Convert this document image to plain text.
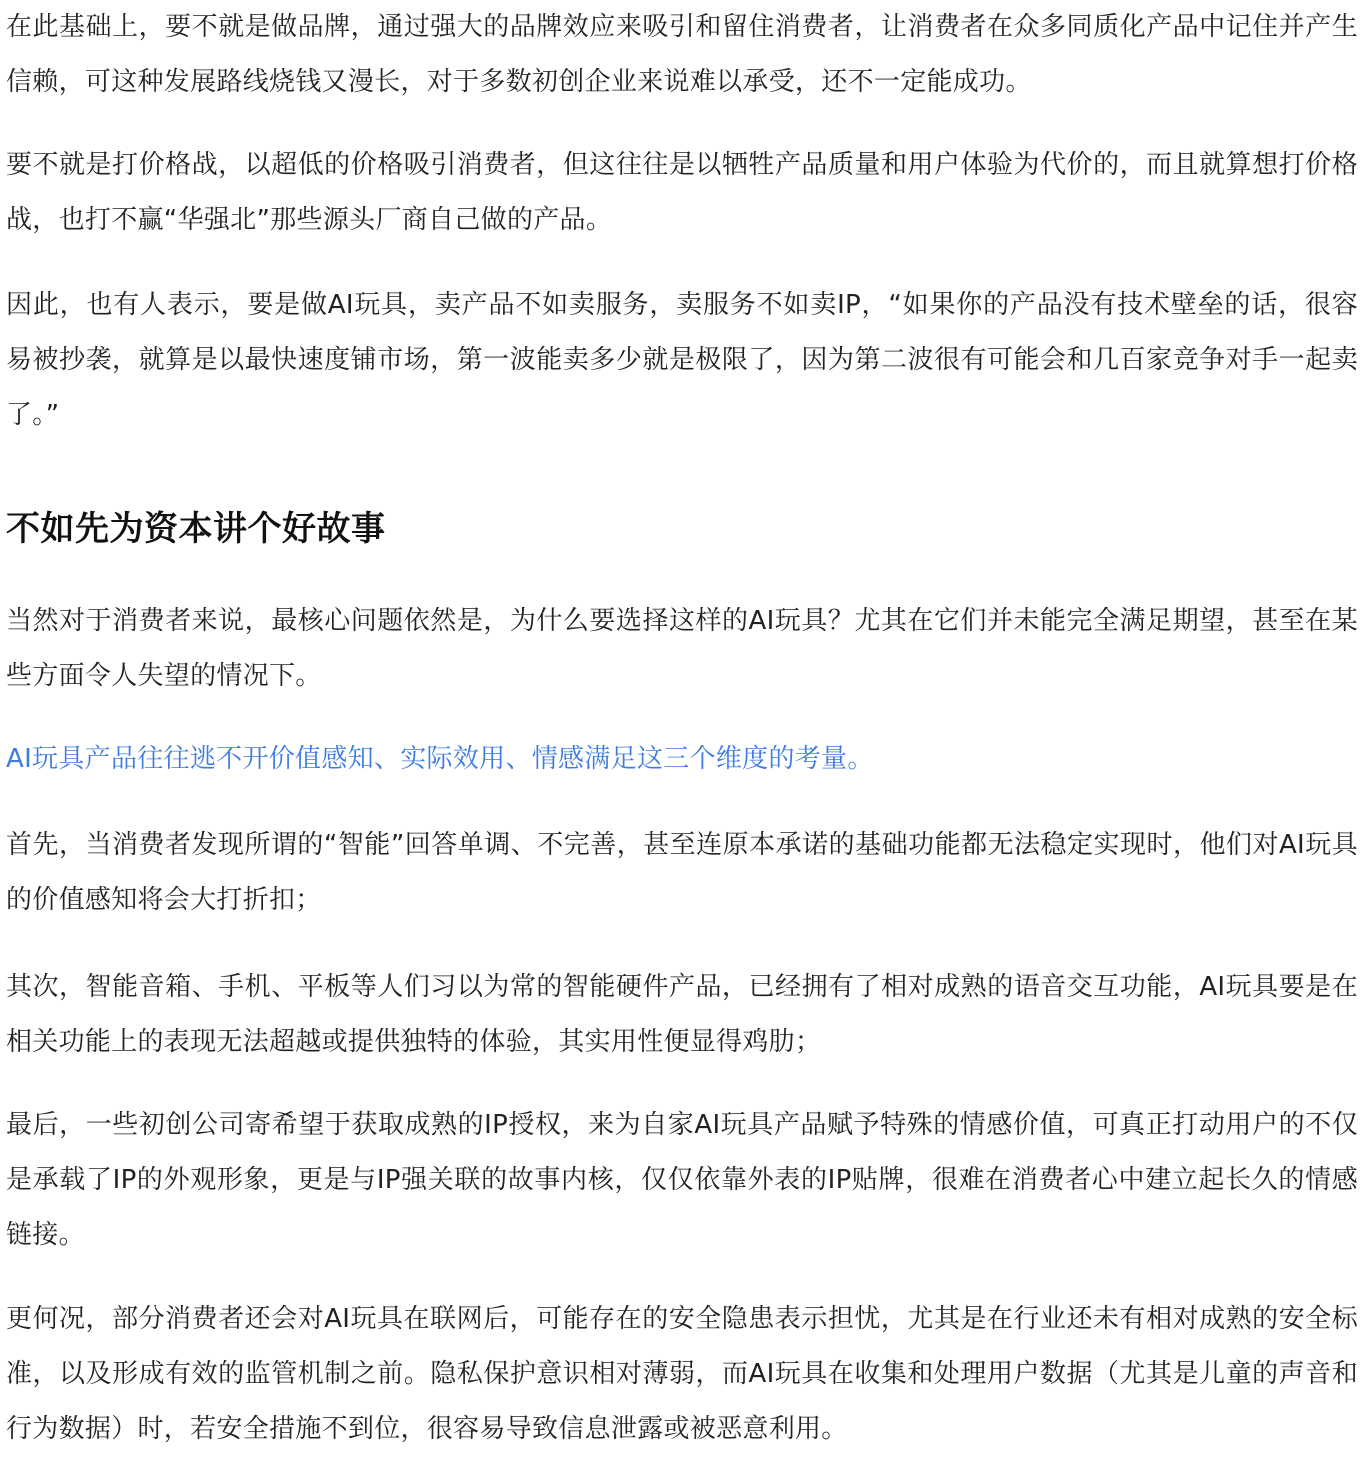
在此基础上，要不就是做品牌，通过强大的品牌效应来吸引和留住消费者，让消费者在众多同质化产品中记住并产生信赖，可这种发展路线烧钱又漫长，对于多数初创企业来说难以承受，还不一定能成功。

要不就是打价格战，以超低的价格吸引消费者，但这往往是以牺牲产品质量和用户体验为代价的，而且就算想打价格战，也打不赢“华强北”那些源头厂商自己做的产品。

因此，也有人表示，要是做AI玩具，卖产品不如卖服务，卖服务不如卖IP，“如果你的产品没有技术壁垒的话，很容易被抄袭，就算是以最快速度铺市场，第一波能卖多少就是极限了，因为第二波很有可能会和几百家竞争对手一起卖了。”

不如先为资本讲个好故事

当然对于消费者来说，最核心问题依然是，为什么要选择这样的AI玩具？尤其在它们并未能完全满足期望，甚至在某些方面令人失望的情况下。

AI玩具产品往往逃不开价值感知、实际效用、情感满足这三个维度的考量。

首先，当消费者发现所谓的“智能”回答单调、不完善，甚至连原本承诺的基础功能都无法稳定实现时，他们对AI玩具的价值感知将会大打折扣；

其次，智能音箱、手机、平板等人们习以为常的智能硬件产品，已经拥有了相对成熟的语音交互功能，AI玩具要是在相关功能上的表现无法超越或提供独特的体验，其实用性便显得鸡肋；

最后，一些初创公司寄希望于获取成熟的IP授权，来为自家AI玩具产品赋予特殊的情感价值，可真正打动用户的不仅是承载了IP的外观形象，更是与IP强关联的故事内核，仅仅依靠外表的IP贴牌，很难在消费者心中建立起长久的情感链接。

更何况，部分消费者还会对AI玩具在联网后，可能存在的安全隐患表示担忧，尤其是在行业还未有相对成熟的安全标准，以及形成有效的监管机制之前。隐私保护意识相对薄弱，而AI玩具在收集和处理用户数据（尤其是儿童的声音和行为数据）时，若安全措施不到位，很容易导致信息泄露或被恶意利用。
